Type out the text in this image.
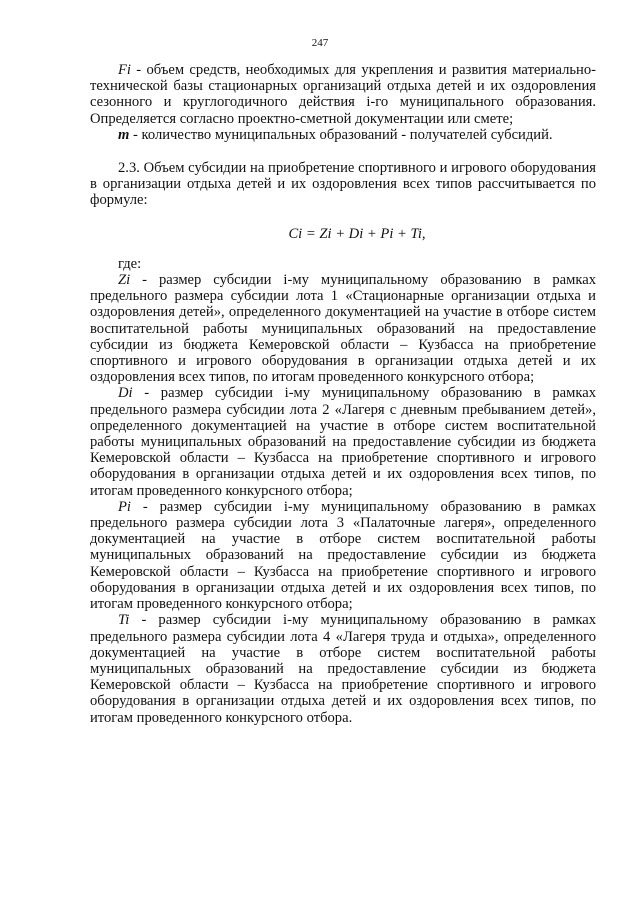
247

Fi - объем средств, необходимых для укрепления и развития материально-технической базы стационарных организаций отдыха детей и их оздоровления сезонного и круглогодичного действия i-го муниципального образования. Определяется согласно проектно-сметной документации или смете;

m - количество муниципальных образований - получателей субсидий.

2.3. Объем субсидии на приобретение спортивного и игрового оборудования в организации отдыха детей и их оздоровления всех типов рассчитывается по формуле:

Ci = Zi + Di + Pi + Ti,

где:

Zi - размер субсидии i-му муниципальному образованию в рамках предельного размера субсидии лота 1 «Стационарные организации отдыха и оздоровления детей», определенного документацией на участие в отборе систем воспитательной работы муниципальных образований на предоставление субсидии из бюджета Кемеровской области – Кузбасса на приобретение спортивного и игрового оборудования в организации отдыха детей и их оздоровления всех типов, по итогам проведенного конкурсного отбора;

Di - размер субсидии i-му муниципальному образованию в рамках предельного размера субсидии лота 2 «Лагеря с дневным пребыванием детей», определенного документацией на участие в отборе систем воспитательной работы муниципальных образований на предоставление субсидии из бюджета Кемеровской области – Кузбасса на приобретение спортивного и игрового оборудования в организации отдыха детей и их оздоровления всех типов, по итогам проведенного конкурсного отбора;

Pi - размер субсидии i-му муниципальному образованию в рамках предельного размера субсидии лота 3 «Палаточные лагеря», определенного документацией на участие в отборе систем воспитательной работы муниципальных образований на предоставление субсидии из бюджета Кемеровской области – Кузбасса на приобретение спортивного и игрового оборудования в организации отдыха детей и их оздоровления всех типов, по итогам проведенного конкурсного отбора;

Ti - размер субсидии i-му муниципальному образованию в рамках предельного размера субсидии лота 4 «Лагеря труда и отдыха», определенного документацией на участие в отборе систем воспитательной работы муниципальных образований на предоставление субсидии из бюджета Кемеровской области – Кузбасса на приобретение спортивного и игрового оборудования в организации отдыха детей и их оздоровления всех типов, по итогам проведенного конкурсного отбора.
